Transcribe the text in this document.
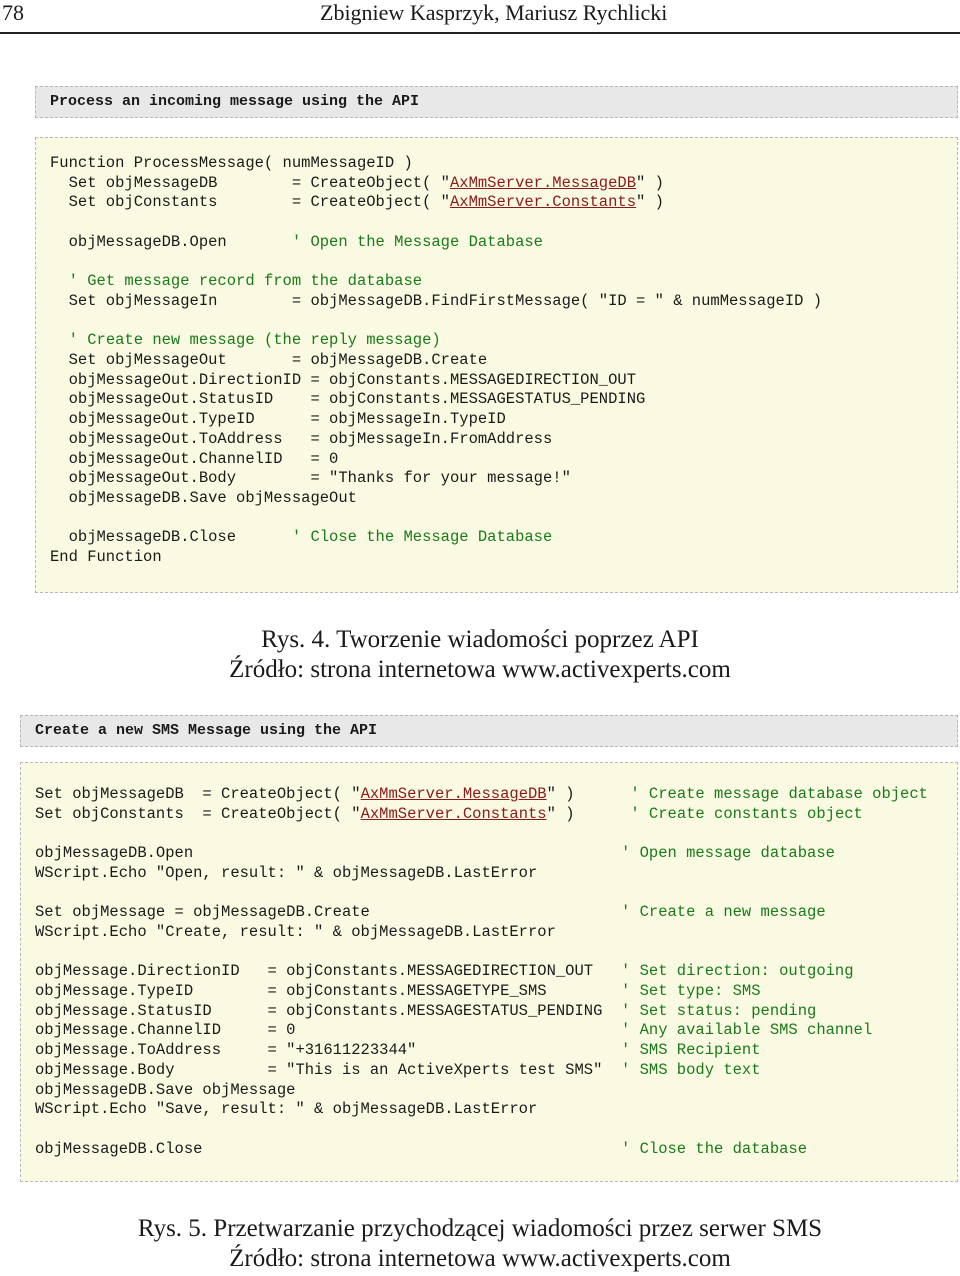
78	Zbigniew Kasprzyk, Mariusz Rychlicki
Process an incoming message using the API
Function ProcessMessage( numMessageID )
Set objMessageDB        = CreateObject( "AxMmServer.MessageDB" )
Set objConstants        = CreateObject( "AxMmServer.Constants" )

objMessageDB.Open       ' Open the Message Database

' Get message record from the database
Set objMessageIn        = objMessageDB.FindFirstMessage( "ID = " & numMessageID )

' Create new message (the reply message)
Set objMessageOut       = objMessageDB.Create
objMessageOut.DirectionID = objConstants.MESSAGEDIRECTION_OUT
objMessageOut.StatusID    = objConstants.MESSAGESTATUS_PENDING
objMessageOut.TypeID      = objMessageIn.TypeID
objMessageOut.ToAddress   = objMessageIn.FromAddress
objMessageOut.ChannelID   = 0
objMessageOut.Body        = "Thanks for your message!"
objMessageDB.Save objMessageOut

objMessageDB.Close      ' Close the Message Database
End Function
Rys. 4. Tworzenie wiadomości poprzez API
Źródło: strona internetowa www.activexperts.com
Create a new SMS Message using the API
Set objMessageDB  = CreateObject( "AxMmServer.MessageDB" )      ' Create message database object
Set objConstants  = CreateObject( "AxMmServer.Constants" )      ' Create constants object

objMessageDB.Open                                              ' Open message database
WScript.Echo "Open, result: " & objMessageDB.LastError

Set objMessage = objMessageDB.Create                           ' Create a new message
WScript.Echo "Create, result: " & objMessageDB.LastError

objMessage.DirectionID   = objConstants.MESSAGEDIRECTION_OUT   ' Set direction: outgoing
objMessage.TypeID        = objConstants.MESSAGETYPE_SMS        ' Set type: SMS
objMessage.StatusID      = objConstants.MESSAGESTATUS_PENDING  ' Set status: pending
objMessage.ChannelID     = 0                                   ' Any available SMS channel
objMessage.ToAddress     = "+31611223344"                      ' SMS Recipient
objMessage.Body          = "This is an ActiveXperts test SMS"  ' SMS body text
objMessageDB.Save objMessage
WScript.Echo "Save, result: " & objMessageDB.LastError

objMessageDB.Close                                             ' Close the database
Rys. 5. Przetwarzanie przychodzącej wiadomości przez serwer SMS
Źródło: strona internetowa www.activexperts.com
